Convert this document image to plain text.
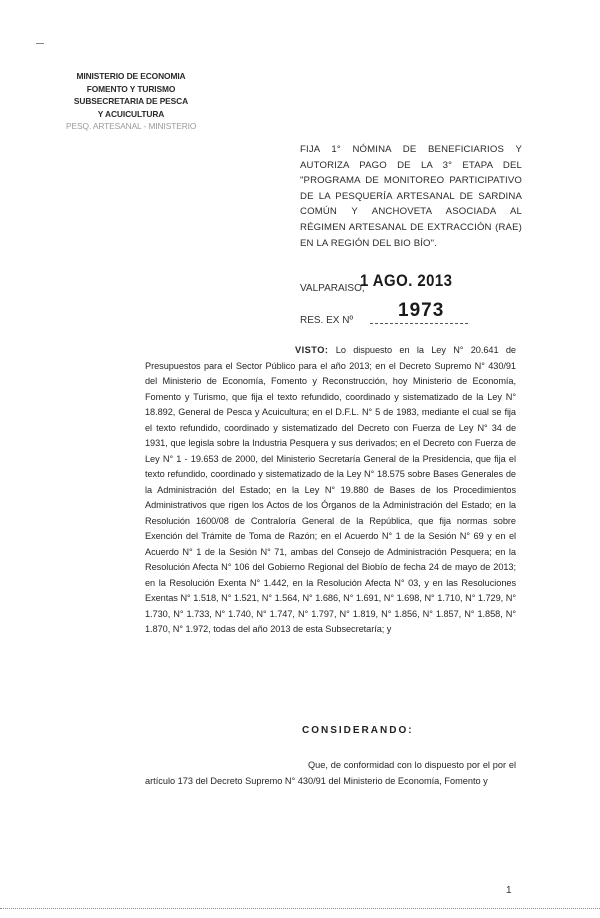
MINISTERIO DE ECONOMIA
FOMENTO Y TURISMO
SUBSECRETARIA DE PESCA
Y ACUICULTURA
PESQ. ARTESANAL - MINISTERIO
FIJA 1° NÓMINA DE BENEFICIARIOS Y AUTORIZA PAGO DE LA 3° ETAPA DEL "PROGRAMA DE MONITOREO PARTICIPATIVO DE LA PESQUERÍA ARTESANAL DE SARDINA COMÚN Y ANCHOVETA ASOCIADA AL RÉGIMEN ARTESANAL DE EXTRACCIÓN (RAE) EN LA REGIÓN DEL BIO BÍO".
VALPARAISO,
1 AGO. 2013
RES. EX Nº 1973
VISTO: Lo dispuesto en la Ley N° 20.641 de Presupuestos para el Sector Público para el año 2013; en el Decreto Supremo N° 430/91 del Ministerio de Economía, Fomento y Reconstrucción, hoy Ministerio de Economía, Fomento y Turismo, que fija el texto refundido, coordinado y sistematizado de la Ley N° 18.892, General de Pesca y Acuicultura; en el D.F.L. N° 5 de 1983, mediante el cual se fija el texto refundido, coordinado y sistematizado del Decreto con Fuerza de Ley N° 34 de 1931, que legisla sobre la Industria Pesquera y sus derivados; en el Decreto con Fuerza de Ley N° 1 - 19.653 de 2000, del Ministerio Secretaría General de la Presidencia, que fija el texto refundido, coordinado y sistematizado de la Ley N° 18.575 sobre Bases Generales de la Administración del Estado; en la Ley N° 19.880 de Bases de los Procedimientos Administrativos que rigen los Actos de los Órganos de la Administración del Estado; en la Resolución 1600/08 de Contraloría General de la República, que fija normas sobre Exención del Trámite de Toma de Razón; en el Acuerdo N° 1 de la Sesión N° 69 y en el Acuerdo N° 1 de la Sesión N° 71, ambas del Consejo de Administración Pesquera; en la Resolución Afecta N° 106 del Gobierno Regional del Biobío de fecha 24 de mayo de 2013; en la Resolución Exenta N° 1.442, en la Resolución Afecta N° 03, y en las Resoluciones Exentas N° 1.518, N° 1.521, N° 1.564, N° 1.686, N° 1.691, N° 1.698, N° 1.710, N° 1.729, N° 1.730, N° 1.733, N° 1.740, N° 1.747, N° 1.797, N° 1.819, N° 1.856, N° 1.857, N° 1.858, N° 1.870, N° 1.972, todas del año 2013 de esta Subsecretaría; y
CONSIDERANDO:
Que, de conformidad con lo dispuesto por el por el artículo 173 del Decreto Supremo N° 430/91 del Ministerio de Economía, Fomento y
1
